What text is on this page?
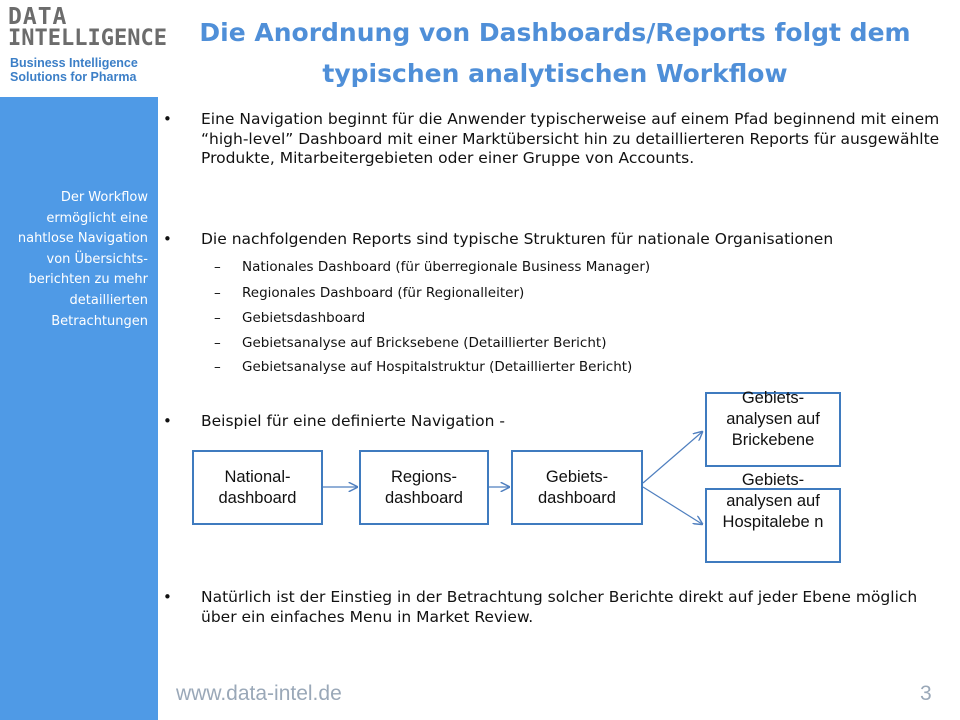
DATA
INTELLIGENCE
Business Intelligence
Solutions for Pharma
Der Workflow ermöglicht eine nahtlose Navigation von Übersichts-berichten zu mehr detaillierten Betrachtungen
Die Anordnung von Dashboards/Reports folgt dem typischen analytischen Workflow
• Eine Navigation beginnt für die Anwender typischerweise auf einem Pfad beginnend mit einem “high-level” Dashboard mit einer Marktübersicht hin zu detaillierteren Reports für ausgewählte Produkte, Mitarbeitergebieten oder einer Gruppe von Accounts.
• Die nachfolgenden Reports sind typische Strukturen für nationale Organisationen
– Nationales Dashboard (für überregionale Business Manager)
– Regionales Dashboard (für Regionalleiter)
– Gebietsdashboard
– Gebietsanalyse auf Bricksebene (Detaillierter Bericht)
– Gebietsanalyse auf Hospitalstruktur (Detaillierter Bericht)
• Beispiel für eine definierte Navigation -
National-dashboard
Regions-dashboard
Gebiets-dashboard
Gebiets-analysen auf Brickebene
Gebiets-analysen auf Hospitalebe n
• Natürlich ist der Einstieg in der Betrachtung solcher Berichte direkt auf jeder Ebene möglich über ein einfaches Menu in Market Review.
www.data-intel.de	3
